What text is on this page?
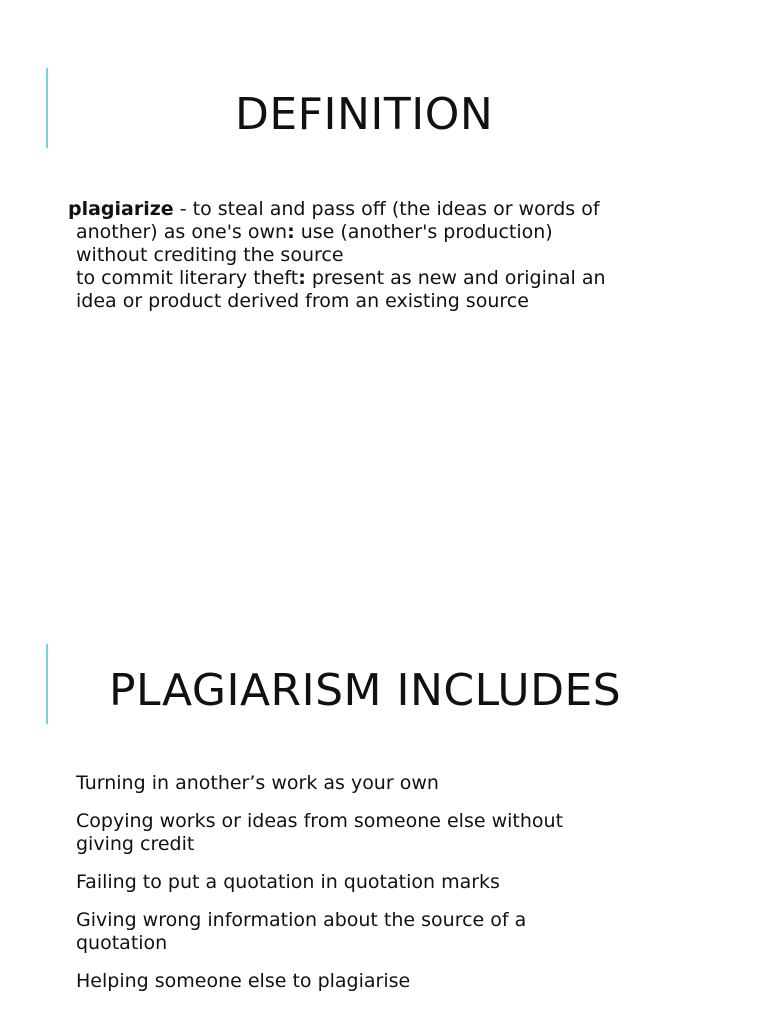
DEFINITION
plagiarize - to steal and pass off (the ideas or words of
another) as one's own: use (another's production)
without crediting the source
to commit literary theft: present as new and original an
idea or product derived from an existing source
PLAGIARISM INCLUDES
Turning in another’s work as your own
Copying works or ideas from someone else without
giving credit
Failing to put a quotation in quotation marks
Giving wrong information about the source of a
quotation
Helping someone else to plagiarise
